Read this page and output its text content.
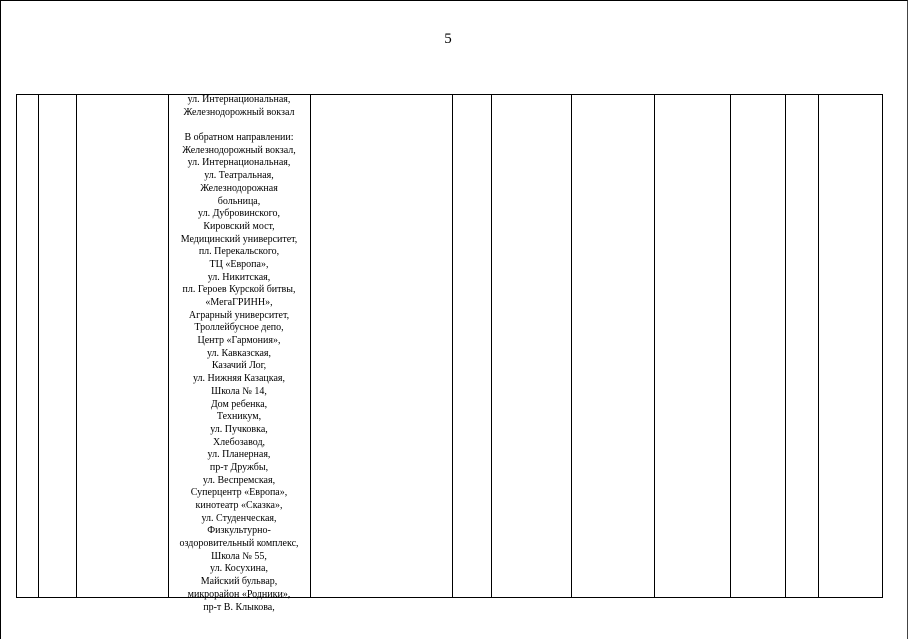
5
ул. Интернациональная,
Железнодорожный вокзал
В обратном направлении:
Железнодорожный вокзал,
ул. Интернациональная,
ул. Театральная,
Железнодорожная
больница,
ул. Дубровинского,
Кировский мост,
Медицинский университет,
пл. Перекальского,
ТЦ «Европа»,
ул. Никитская,
пл. Героев Курской битвы,
«МегаГРИНН»,
Аграрный университет,
Троллейбусное депо,
Центр «Гармония»,
ул. Кавказская,
Казачий Лог,
ул. Нижняя Казацкая,
Школа № 14,
Дом ребенка,
Техникум,
ул. Пучковка,
Хлебозавод,
ул. Планерная,
пр-т Дружбы,
ул. Веспремская,
Суперцентр «Европа»,
кинотеатр «Сказка»,
ул. Студенческая,
Физкультурно-
оздоровительный комплекс,
Школа № 55,
ул. Косухина,
Майский бульвар,
микрорайон «Родники»,
пр-т В. Клыкова,
